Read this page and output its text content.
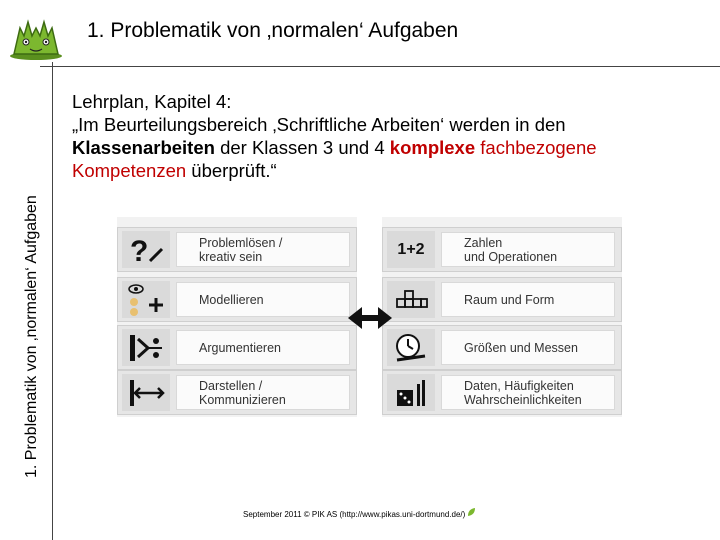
1. Problematik von ‚normalen‘ Aufgaben
1. Problematik von ‚normalen‘ Aufgaben

Lehrplan, Kapitel 4:

„Im Beurteilungsbereich ‚Schriftliche Arbeiten‘ werden in den
Klassenarbeiten der Klassen 3 und 4 komplexe fachbezogene
Kompetenzen überprüft.“

?	Problemlösen /
kreativ sein
Modellieren
Argumentieren
Darstellen /
Kommunizieren
1+2	Zahlen
und Operationen
Raum und Form
Größen und Messen
Daten, Häufigkeiten
Wahrscheinlichkeiten
September 2011 © PIK AS (http://www.pikas.uni-dortmund.de/)
